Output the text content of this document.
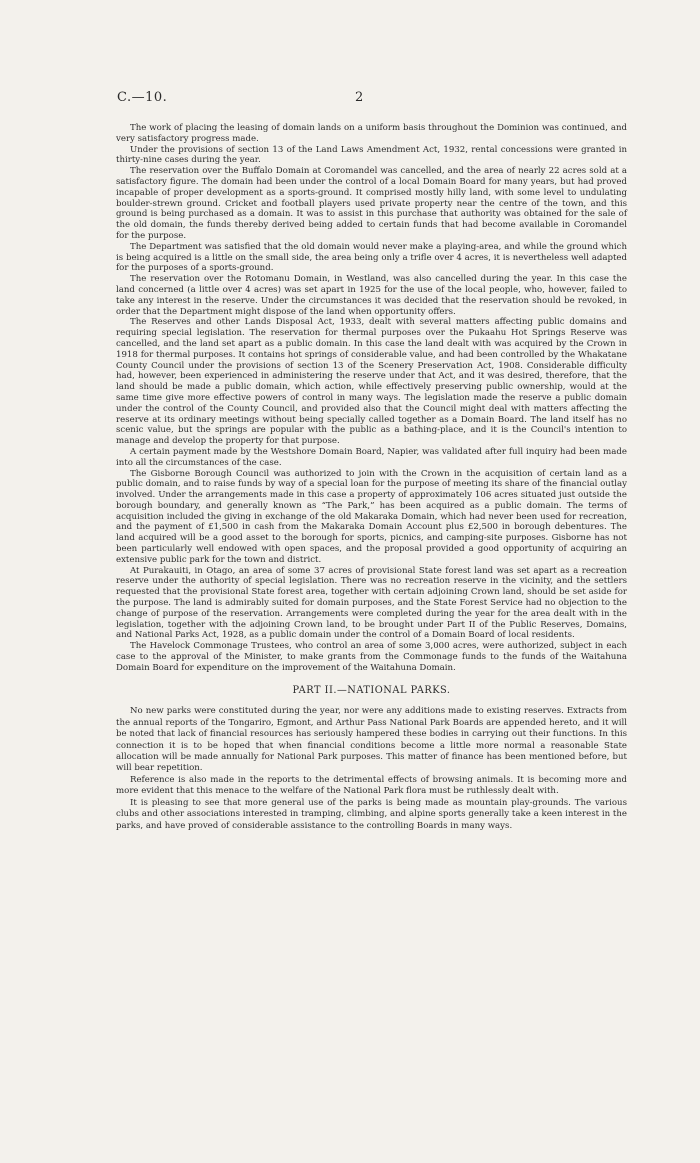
C.—10.	2

The work of placing the leasing of domain lands on a uniform basis throughout the Dominion was continued, and very satisfactory progress made.

Under the provisions of section 13 of the Land Laws Amendment Act, 1932, rental concessions were granted in thirty-nine cases during the year.

The reservation over the Buffalo Domain at Coromandel was cancelled, and the area of nearly 22 acres sold at a satisfactory figure. The domain had been under the control of a local Domain Board for many years, but had proved incapable of proper development as a sports-ground. It comprised mostly hilly land, with some level to undulating boulder-strewn ground. Cricket and football players used private property near the centre of the town, and this ground is being purchased as a domain. It was to assist in this purchase that authority was obtained for the sale of the old domain, the funds thereby derived being added to certain funds that had become available in Coromandel for the purpose.

The Department was satisfied that the old domain would never make a playing-area, and while the ground which is being acquired is a little on the small side, the area being only a trifle over 4 acres, it is nevertheless well adapted for the purposes of a sports-ground.

The reservation over the Rotomanu Domain, in Westland, was also cancelled during the year. In this case the land concerned (a little over 4 acres) was set apart in 1925 for the use of the local people, who, however, failed to take any interest in the reserve. Under the circumstances it was decided that the reservation should be revoked, in order that the Department might dispose of the land when opportunity offers.

The Reserves and other Lands Disposal Act, 1933, dealt with several matters affecting public domains and requiring special legislation. The reservation for thermal purposes over the Pukaahu Hot Springs Reserve was cancelled, and the land set apart as a public domain. In this case the land dealt with was acquired by the Crown in 1918 for thermal purposes. It contains hot springs of considerable value, and had been controlled by the Whakatane County Council under the provisions of section 13 of the Scenery Preservation Act, 1908. Considerable difficulty had, however, been experienced in administering the reserve under that Act, and it was desired, therefore, that the land should be made a public domain, which action, while effectively preserving public ownership, would at the same time give more effective powers of control in many ways. The legislation made the reserve a public domain under the control of the County Council, and provided also that the Council might deal with matters affecting the reserve at its ordinary meetings without being specially called together as a Domain Board. The land itself has no scenic value, but the springs are popular with the public as a bathing-place, and it is the Council's intention to manage and develop the property for that purpose.

A certain payment made by the Westshore Domain Board, Napier, was validated after full inquiry had been made into all the circumstances of the case.

The Gisborne Borough Council was authorized to join with the Crown in the acquisition of certain land as a public domain, and to raise funds by way of a special loan for the purpose of meeting its share of the financial outlay involved. Under the arrangements made in this case a property of approximately 106 acres situated just outside the borough boundary, and generally known as “The Park,” has been acquired as a public domain. The terms of acquisition included the giving in exchange of the old Makaraka Domain, which had never been used for recreation, and the payment of £1,500 in cash from the Makaraka Domain Account plus £2,500 in borough debentures. The land acquired will be a good asset to the borough for sports, picnics, and camping-site purposes. Gisborne has not been particularly well endowed with open spaces, and the proposal provided a good opportunity of acquiring an extensive public park for the town and district.

At Purakauiti, in Otago, an area of some 37 acres of provisional State forest land was set apart as a recreation reserve under the authority of special legislation. There was no recreation reserve in the vicinity, and the settlers requested that the provisional State forest area, together with certain adjoining Crown land, should be set aside for the purpose. The land is admirably suited for domain purposes, and the State Forest Service had no objection to the change of purpose of the reservation. Arrangements were completed during the year for the area dealt with in the legislation, together with the adjoining Crown land, to be brought under Part II of the Public Reserves, Domains, and National Parks Act, 1928, as a public domain under the control of a Domain Board of local residents.

The Havelock Commonage Trustees, who control an area of some 3,000 acres, were authorized, subject in each case to the approval of the Minister, to make grants from the Commonage funds to the funds of the Waitahuna Domain Board for expenditure on the improvement of the Waitahuna Domain.

PART II.—NATIONAL PARKS.

No new parks were constituted during the year, nor were any additions made to existing reserves. Extracts from the annual reports of the Tongariro, Egmont, and Arthur Pass National Park Boards are appended hereto, and it will be noted that lack of financial resources has seriously hampered these bodies in carrying out their functions. In this connection it is to be hoped that when financial conditions become a little more normal a reasonable State allocation will be made annually for National Park purposes. This matter of finance has been mentioned before, but will bear repetition.

Reference is also made in the reports to the detrimental effects of browsing animals. It is becoming more and more evident that this menace to the welfare of the National Park flora must be ruthlessly dealt with.

It is pleasing to see that more general use of the parks is being made as mountain play-grounds. The various clubs and other associations interested in tramping, climbing, and alpine sports generally take a keen interest in the parks, and have proved of considerable assistance to the controlling Boards in many ways.
